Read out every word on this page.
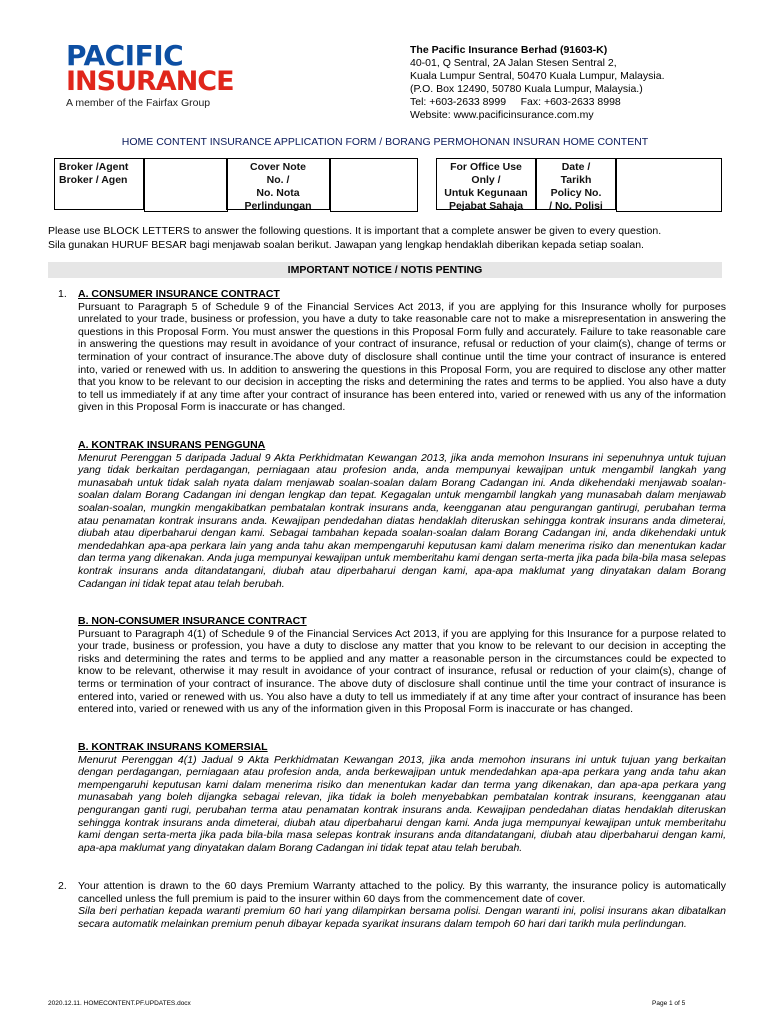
PACIFIC
INSURANCE
A member of the Fairfax Group
The Pacific Insurance Berhad (91603-K)
40-01, Q Sentral, 2A Jalan Stesen Sentral 2,
Kuala Lumpur Sentral, 50470 Kuala Lumpur, Malaysia.
(P.O. Box 12490, 50780 Kuala Lumpur, Malaysia.)
Tel: +603-2633 8999     Fax: +603-2633 8998
Website: www.pacificinsurance.com.my
HOME CONTENT INSURANCE APPLICATION FORM / BORANG PERMOHONAN INSURAN HOME CONTENT
Broker /Agent
Broker / Agen
Cover Note
No. /
No. Nota
Perlindungan
For Office Use
Only /
Untuk Kegunaan
Pejabat Sahaja
Date /
Tarikh
Policy No.
/ No. Polisi
Please use BLOCK LETTERS to answer the following questions. It is important that a complete answer be given to every question.
Sila gunakan HURUF BESAR bagi menjawab soalan berikut. Jawapan yang lengkap hendaklah diberikan kepada setiap soalan.
IMPORTANT NOTICE / NOTIS PENTING
1. A. CONSUMER INSURANCE CONTRACT
Pursuant to Paragraph 5 of Schedule 9 of the Financial Services Act 2013, if you are applying for this Insurance wholly for purposes unrelated to your trade, business or profession, you have a duty to take reasonable care not to make a misrepresentation in answering the questions in this Proposal Form. You must answer the questions in this Proposal Form fully and accurately. Failure to take reasonable care in answering the questions may result in avoidance of your contract of insurance, refusal or reduction of your claim(s), change of terms or termination of your contract of insurance.The above duty of disclosure shall continue until the time your contract of insurance is entered into, varied or renewed with us. In addition to answering the questions in this Proposal Form, you are required to disclose any other matter that you know to be relevant to our decision in accepting the risks and determining the rates and terms to be applied. You also have a duty to tell us immediately if at any time after your contract of insurance has been entered into, varied or renewed with us any of the information given in this Proposal Form is inaccurate or has changed.
A. KONTRAK INSURANS PENGGUNA
Menurut Perenggan 5 daripada Jadual 9 Akta Perkhidmatan Kewangan 2013, jika anda memohon Insurans ini sepenuhnya untuk tujuan yang tidak berkaitan perdagangan, perniagaan atau profesion anda, anda mempunyai kewajipan untuk mengambil langkah yang munasabah untuk tidak salah nyata dalam menjawab soalan-soalan dalam Borang Cadangan ini. Anda dikehendaki menjawab soalan-soalan dalam Borang Cadangan ini dengan lengkap dan tepat. Kegagalan untuk mengambil langkah yang munasabah dalam menjawab soalan-soalan, mungkin mengakibatkan pembatalan kontrak insurans anda, keengganan atau pengurangan gantirugi, perubahan terma atau penamatan kontrak insurans anda. Kewajipan pendedahan diatas hendaklah diteruskan sehingga kontrak insurans anda dimeterai, diubah atau diperbaharui dengan kami. Sebagai tambahan kepada soalan-soalan dalam Borang Cadangan ini, anda dikehendaki untuk mendedahkan apa-apa perkara lain yang anda tahu akan mempengaruhi keputusan kami dalam menerima risiko dan menentukan kadar dan terma yang dikenakan. Anda juga mempunyai kewajipan untuk memberitahu kami dengan serta-merta jika pada bila-bila masa selepas kontrak insurans anda ditandatangani, diubah atau diperbaharui dengan kami, apa-apa maklumat yang dinyatakan dalam Borang Cadangan ini tidak tepat atau telah berubah.
B. NON-CONSUMER INSURANCE CONTRACT
Pursuant to Paragraph 4(1) of Schedule 9 of the Financial Services Act 2013, if you are applying for this Insurance for a purpose related to your trade, business or profession, you have a duty to disclose any matter that you know to be relevant to our decision in accepting the risks and determining the rates and terms to be applied and any matter a reasonable person in the circumstances could be expected to know to be relevant, otherwise it may result in avoidance of your contract of insurance, refusal or reduction of your claim(s), change of terms or termination of your contract of insurance. The above duty of disclosure shall continue until the time your contract of insurance is entered into, varied or renewed with us. You also have a duty to tell us immediately if at any time after your contract of insurance has been entered into, varied or renewed with us any of the information given in this Proposal Form is inaccurate or has changed.
B. KONTRAK INSURANS KOMERSIAL
Menurut Perenggan 4(1) Jadual 9 Akta Perkhidmatan Kewangan 2013, jika anda memohon insurans ini untuk tujuan yang berkaitan dengan perdagangan, perniagaan atau profesion anda, anda berkewajipan untuk mendedahkan apa-apa perkara yang anda tahu akan mempengaruhi keputusan kami dalam menerima risiko dan menentukan kadar dan terma yang dikenakan, dan apa-apa perkara yang munasabah yang boleh dijangka sebagai relevan, jika tidak ia boleh menyebabkan pembatalan kontrak insurans, keengganan atau pengurangan ganti rugi, perubahan terma atau penamatan kontrak insurans anda. Kewajipan pendedahan diatas hendaklah diteruskan sehingga kontrak insurans anda dimeterai, diubah atau diperbaharui dengan kami. Anda juga mempunyai kewajipan untuk memberitahu kami dengan serta-merta jika pada bila-bila masa selepas kontrak insurans anda ditandatangani, diubah atau diperbaharui dengan kami, apa-apa maklumat yang dinyatakan dalam Borang Cadangan ini tidak tepat atau telah berubah.
2. Your attention is drawn to the 60 days Premium Warranty attached to the policy. By this warranty, the insurance policy is automatically cancelled unless the full premium is paid to the insurer within 60 days from the commencement date of cover.
Sila beri perhatian kepada waranti premium 60 hari yang dilampirkan bersama polisi. Dengan waranti ini, polisi insurans akan dibatalkan secara automatik melainkan premium penuh dibayar kepada syarikat insurans dalam tempoh 60 hari dari tarikh mula perlindungan.
2020.12.11. HOMECONTENT.PF.UPDATES.docx	Page 1 of 5
